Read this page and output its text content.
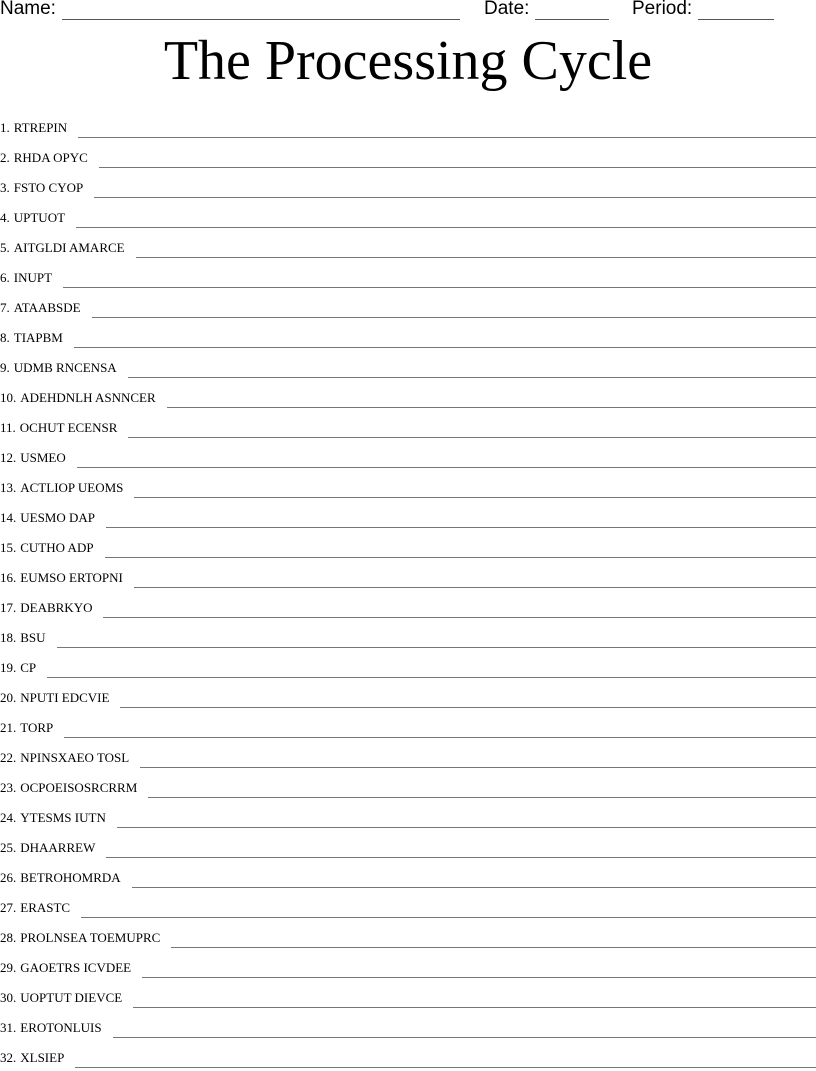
Name:	Date:	Period:
The Processing Cycle
1. RTREPIN
2. RHDA OPYC
3. FSTO CYOP
4. UPTUOT
5. AITGLDI AMARCE
6. INUPT
7. ATAABSDE
8. TIAPBM
9. UDMB RNCENSA
10. ADEHDNLH ASNNCER
11. OCHUT ECENSR
12. USMEO
13. ACTLIOP UEOMS
14. UESMO DAP
15. CUTHO ADP
16. EUMSO ERTOPNI
17. DEABRKYO
18. BSU
19. CP
20. NPUTI EDCVIE
21. TORP
22. NPINSXAEO TOSL
23. OCPOEISOSRCRRM
24. YTESMS IUTN
25. DHAARREW
26. BETROHOMRDA
27. ERASTC
28. PROLNSEA TOEMUPRC
29. GAOETRS ICVDEE
30. UOPTUT DIEVCE
31. EROTONLUIS
32. XLSIEP
